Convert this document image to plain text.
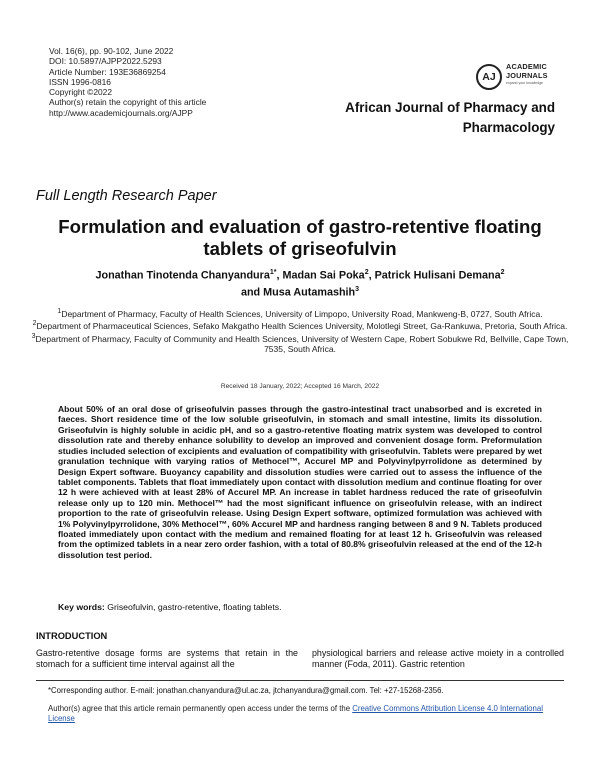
Vol. 16(6), pp. 90-102, June 2022
DOI: 10.5897/AJPP2022.5293
Article Number: 193E36869254
ISSN 1996-0816
Copyright ©2022
Author(s) retain the copyright of this article
http://www.academicjournals.org/AJPP
AJ
ACADEMIC
JOURNALS
expand your knowledge
African Journal of Pharmacy and
Pharmacology
Full Length Research Paper
Formulation and evaluation of gastro-retentive floating tablets of griseofulvin
Jonathan Tinotenda Chanyandura$^{1*}$, Madan Sai Poka$^2$, Patrick Hulisani Demana$^2$
and Musa Autamashih$^3$
$^1$Department of Pharmacy, Faculty of Health Sciences, University of Limpopo, University Road, Mankweng-B, 0727, South Africa.
$^2$Department of Pharmaceutical Sciences, Sefako Makgatho Health Sciences University, Molotlegi Street, Ga-Rankuwa, Pretoria, South Africa.
$^3$Department of Pharmacy, Faculty of Community and Health Sciences, University of Western Cape, Robert Sobukwe Rd, Bellville, Cape Town, 7535, South Africa.
Received 18 January, 2022; Accepted 16 March, 2022
About 50% of an oral dose of griseofulvin passes through the gastro-intestinal tract unabsorbed and is excreted in faeces. Short residence time of the low soluble griseofulvin, in stomach and small intestine, limits its dissolution. Griseofulvin is highly soluble in acidic pH, and so a gastro-retentive floating matrix system was developed to control dissolution rate and thereby enhance solubility to develop an improved and convenient dosage form. Preformulation studies included selection of excipients and evaluation of compatibility with griseofulvin. Tablets were prepared by wet granulation technique with varying ratios of Methocel™, Accurel MP and Polyvinylpyrrolidone as determined by Design Expert software. Buoyancy capability and dissolution studies were carried out to assess the influence of the tablet components. Tablets that float immediately upon contact with dissolution medium and continue floating for over 12 h were achieved with at least 28% of Accurel MP. An increase in tablet hardness reduced the rate of griseofulvin release only up to 120 min. Methocel™ had the most significant influence on griseofulvin release, with an indirect proportion to the rate of griseofulvin release. Using Design Expert software, optimized formulation was achieved with 1% Polyvinylpyrrolidone, 30% Methocel™, 60% Accurel MP and hardness ranging between 8 and 9 N. Tablets produced floated immediately upon contact with the medium and remained floating for at least 12 h. Griseofulvin was released from the optimized tablets in a near zero order fashion, with a total of 80.8% griseofulvin released at the end of the 12-h dissolution test period.
Key words: Griseofulvin, gastro-retentive, floating tablets.
INTRODUCTION
Gastro-retentive dosage forms are systems that retain in the stomach for a sufficient time interval against all the
physiological barriers and release active moiety in a controlled manner (Foda, 2011). Gastric retention
*Corresponding author. E-mail: jonathan.chanyandura@ul.ac.za, jtchanyandura@gmail.com. Tel: +27-15268-2356.
Author(s) agree that this article remain permanently open access under the terms of the Creative Commons Attribution License 4.0 International License
